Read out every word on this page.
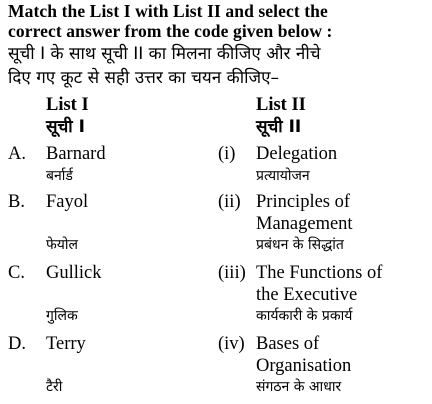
Match the List I with List II and select the
correct answer from the code given below :
सूची I के साथ सूची II का मिलना कीजिए और नीचे
दिए गए कूट से सही उत्तर का चयन कीजिए–
List I
सूची I
List II
सूची II
A. Barnard
बर्नार्ड
(i) Delegation
प्रत्यायोजन
B. Fayol
फेयोल
(ii) Principles of
Management
प्रबंधन के सिद्धांत
C. Gullick
गुलिक
(iii) The Functions of
the Executive
कार्यकारी के प्रकार्य
D. Terry
टैरी
(iv) Bases of
Organisation
संगठन के आधार
